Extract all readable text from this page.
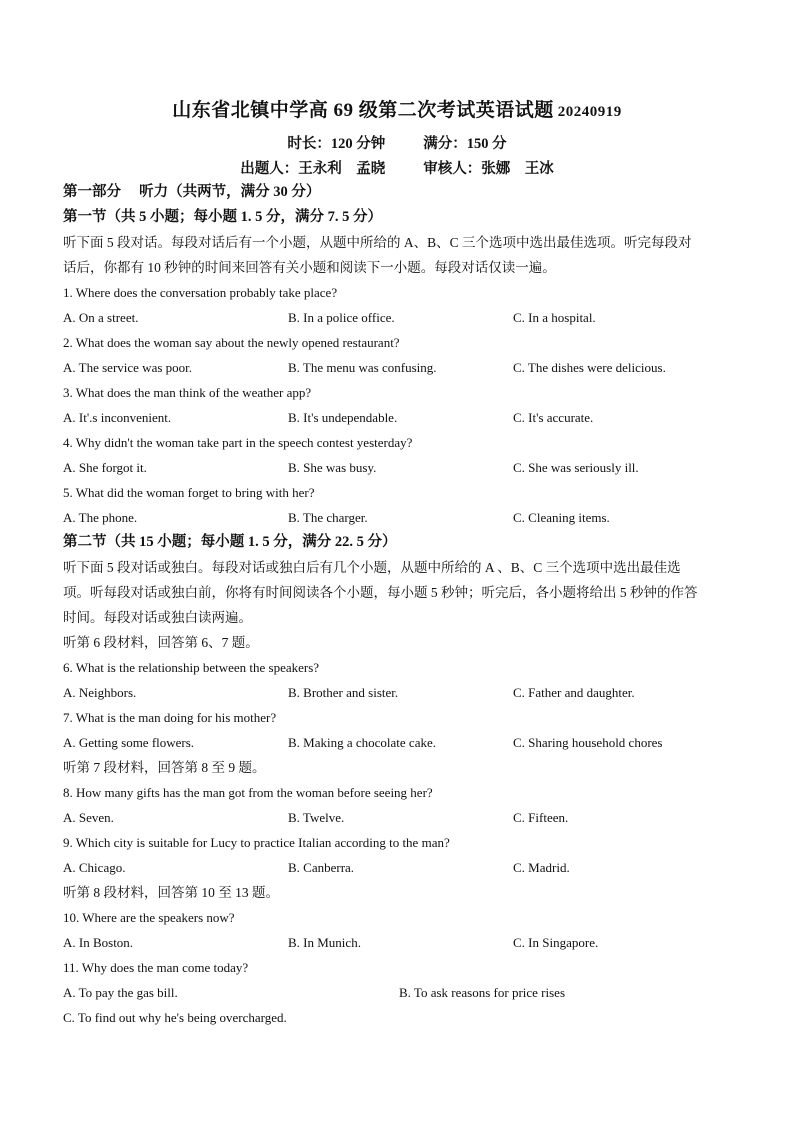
山东省北镇中学高 69 级第二次考试英语试题 20240919
时长：120 分钟	满分：150 分
出题人：王永利　孟晓	审核人：张娜　王冰
第一部分　 听力（共两节，满分 30 分）
第一节（共 5 小题；每小题 1. 5 分，满分 7. 5 分）
听下面 5 段对话。每段对话后有一个小题，从题中所给的 A、B、C 三个选项中选出最佳选项。听完每段对
话后，你都有 10 秒钟的时间来回答有关小题和阅读下一小题。每段对话仅读一遍。
1. Where does the conversation probably take place?
A. On a street.	B. In a police office.	C. In a hospital.
2. What does the woman say about the newly opened restaurant?
A. The service was poor.	B. The menu was confusing.	C. The dishes were delicious.
3. What does the man think of the weather app?
A. It'.s inconvenient.	B. It's undependable.	C. It's accurate.
4. Why didn't the woman take part in the speech contest yesterday?
A. She forgot it.	B. She was busy.	C. She was seriously ill.
5. What did the woman forget to bring with her?
A. The phone.	B. The charger.	C. Cleaning items.
第二节（共 15 小题；每小题 1. 5 分，满分 22. 5 分）
听下面 5 段对话或独白。每段对话或独白后有几个小题，从题中所给的 A 、B、C 三个选项中选出最佳选
项。听每段对话或独白前，你将有时间阅读各个小题，每小题 5 秒钟；听完后，各小题将给出 5 秒钟的作答
时间。每段对话或独白读两遍。
听第 6 段材料，回答第 6、7 题。
6. What is the relationship between the speakers?
A. Neighbors.	B. Brother and sister.	C. Father and daughter.
7. What is the man doing for his mother?
A. Getting some flowers.	B. Making a chocolate cake.	C. Sharing household chores
听第 7 段材料，回答第 8 至 9 题。
8. How many gifts has the man got from the woman before seeing her?
A. Seven.	B. Twelve.	C. Fifteen.
9. Which city is suitable for Lucy to practice Italian according to the man?
A. Chicago.	B. Canberra.	C. Madrid.
听第 8 段材料，回答第 10 至 13 题。
10. Where are the speakers now?
A. In Boston.	B. In Munich.	C. In Singapore.
11. Why does the man come today?
A. To pay the gas bill.	B. To ask reasons for price rises
C. To find out why he's being overcharged.
